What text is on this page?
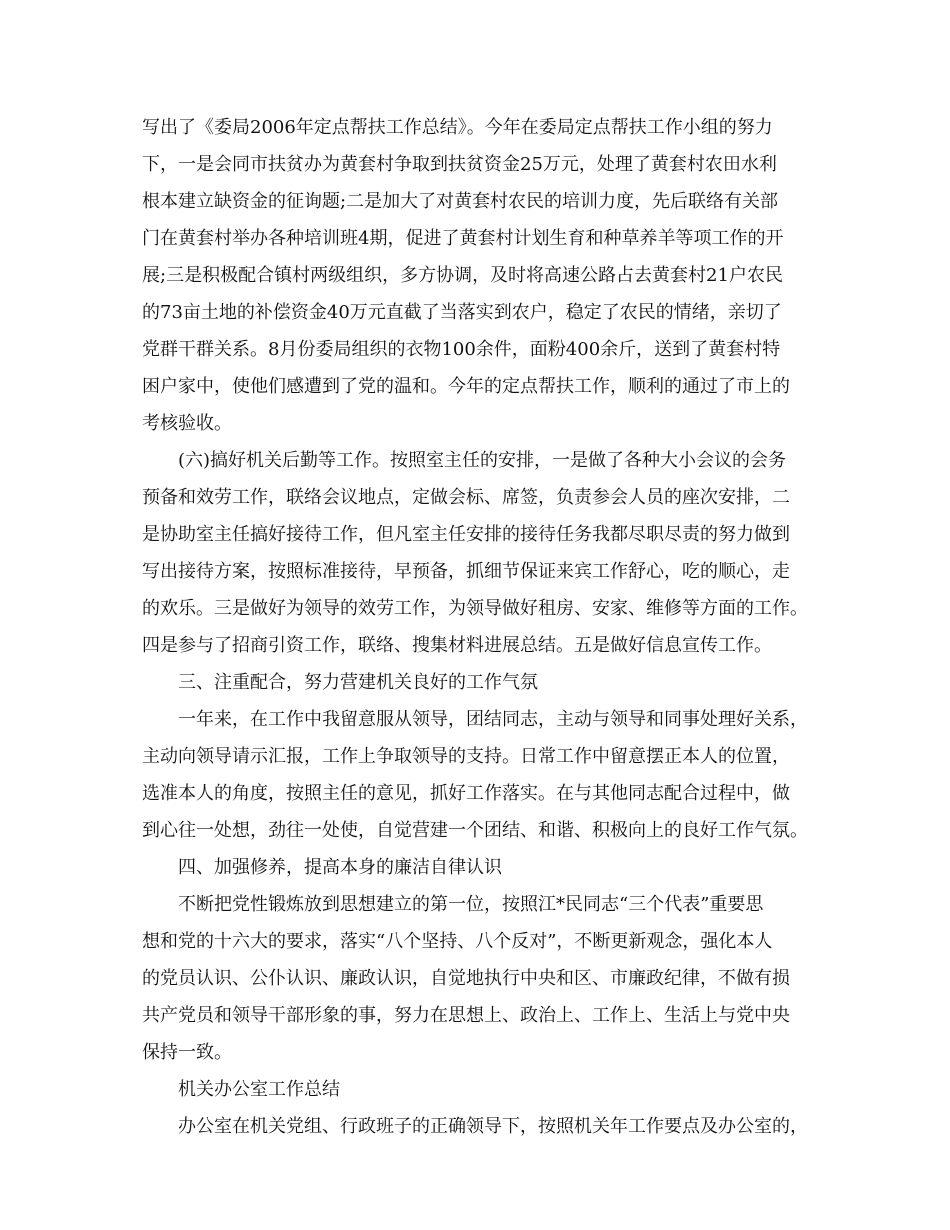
写出了《委局2006年定点帮扶工作总结》。今年在委局定点帮扶工作小组的努力
下，一是会同市扶贫办为黄套村争取到扶贫资金25万元，处理了黄套村农田水利
根本建立缺资金的征询题;二是加大了对黄套村农民的培训力度，先后联络有关部
门在黄套村举办各种培训班4期，促进了黄套村计划生育和种草养羊等项工作的开
展;三是积极配合镇村两级组织，多方协调，及时将高速公路占去黄套村21户农民
的73亩土地的补偿资金40万元直截了当落实到农户，稳定了农民的情绪，亲切了
党群干群关系。8月份委局组织的衣物100余件，面粉400余斤，送到了黄套村特
困户家中，使他们感遭到了党的温和。今年的定点帮扶工作，顺利的通过了市上的
考核验收。
(六)搞好机关后勤等工作。按照室主任的安排，一是做了各种大小会议的会务
预备和效劳工作，联络会议地点，定做会标、席签，负责参会人员的座次安排，二
是协助室主任搞好接待工作，但凡室主任安排的接待任务我都尽职尽责的努力做到
写出接待方案，按照标准接待，早预备，抓细节保证来宾工作舒心，吃的顺心，走
的欢乐。三是做好为领导的效劳工作，为领导做好租房、安家、维修等方面的工作。
四是参与了招商引资工作，联络、搜集材料进展总结。五是做好信息宣传工作。
三、注重配合，努力营建机关良好的工作气氛
一年来，在工作中我留意服从领导，团结同志，主动与领导和同事处理好关系，
主动向领导请示汇报，工作上争取领导的支持。日常工作中留意摆正本人的位置，
选准本人的角度，按照主任的意见，抓好工作落实。在与其他同志配合过程中，做
到心往一处想，劲往一处使，自觉营建一个团结、和谐、积极向上的良好工作气氛。
四、加强修养，提高本身的廉洁自律认识
不断把党性锻炼放到思想建立的第一位，按照江*民同志“三个代表”重要思
想和党的十六大的要求，落实“八个坚持、八个反对”，不断更新观念，强化本人
的党员认识、公仆认识、廉政认识，自觉地执行中央和区、市廉政纪律，不做有损
共产党员和领导干部形象的事，努力在思想上、政治上、工作上、生活上与党中央
保持一致。
机关办公室工作总结
办公室在机关党组、行政班子的正确领导下，按照机关年工作要点及办公室的，
